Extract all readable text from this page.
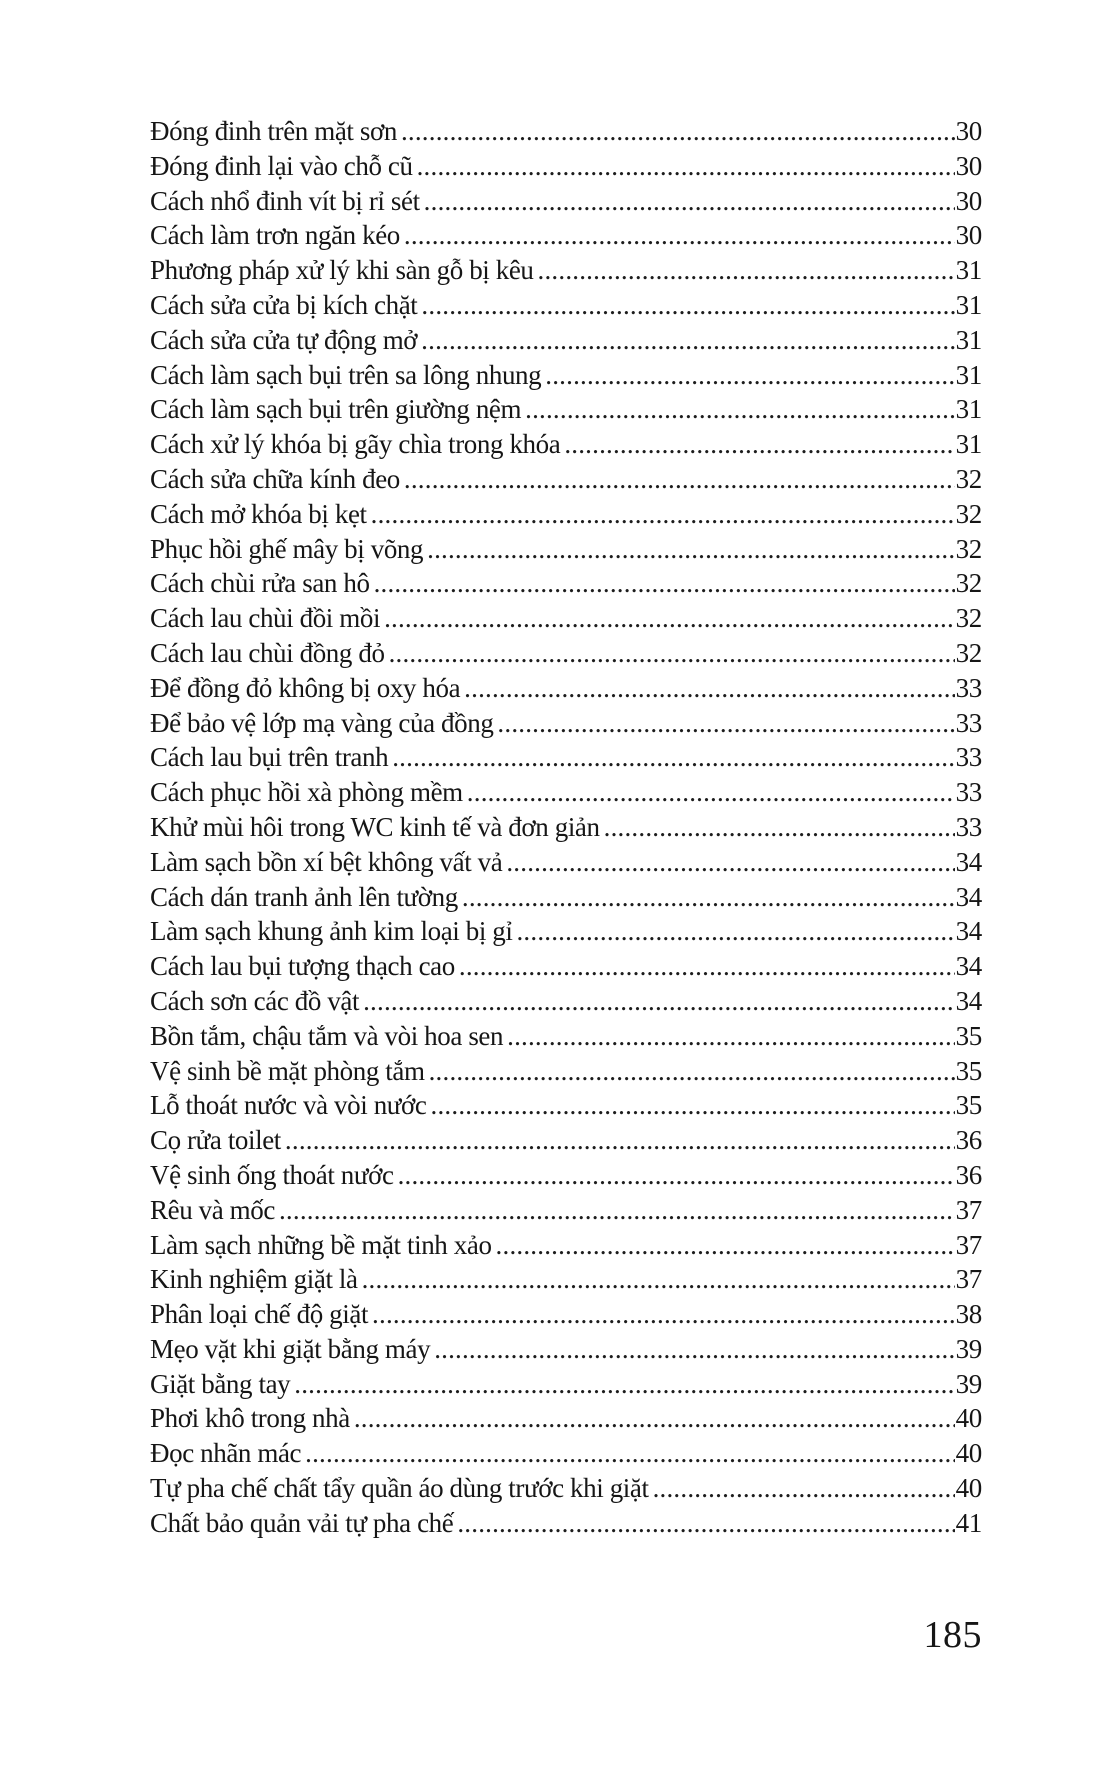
Đóng đinh trên mặt sơn .....	30
Đóng đinh lại vào chỗ cũ .....	30
Cách nhổ đinh vít bị rỉ sét .....	30
Cách làm trơn ngăn kéo .....	30
Phương pháp xử lý khi sàn gỗ bị kêu .....	31
Cách sửa cửa bị kích chặt .....	31
Cách sửa cửa tự động mở .....	31
Cách làm sạch bụi trên sa lông nhung .....	31
Cách làm sạch bụi trên giường nệm .....	31
Cách xử lý khóa bị gãy chìa trong khóa .....	31
Cách sửa chữa kính đeo .....	32
Cách mở khóa bị kẹt .....	32
Phục hồi ghế mây bị võng .....	32
Cách chùi rửa san hô .....	32
Cách lau chùi đồi mồi .....	32
Cách lau chùi đồng đỏ .....	32
Để đồng đỏ không bị oxy hóa .....	33
Để bảo vệ lớp mạ vàng của đồng .....	33
Cách lau bụi trên tranh .....	33
Cách phục hồi xà phòng mềm .....	33
Khử mùi hôi trong WC kinh tế và đơn giản .....	33
Làm sạch bồn xí bệt không vất vả .....	34
Cách dán tranh ảnh lên tường .....	34
Làm sạch khung ảnh kim loại bị gỉ .....	34
Cách lau bụi tượng thạch cao .....	34
Cách sơn các đồ vật .....	34
Bồn tắm, chậu tắm và vòi hoa sen .....	35
Vệ sinh bề mặt phòng tắm .....	35
Lỗ thoát nước và vòi nước .....	35
Cọ rửa toilet .....	36
Vệ sinh ống thoát nước .....	36
Rêu và mốc .....	37
Làm sạch những bề mặt tinh xảo .....	37
Kinh nghiệm giặt là .....	37
Phân loại chế độ giặt .....	38
Mẹo vặt khi giặt bằng máy .....	39
Giặt bằng tay .....	39
Phơi khô trong nhà .....	40
Đọc nhãn mác .....	40
Tự pha chế chất tẩy quần áo dùng trước khi giặt .....	40
Chất bảo quản vải tự pha chế .....	41
185
